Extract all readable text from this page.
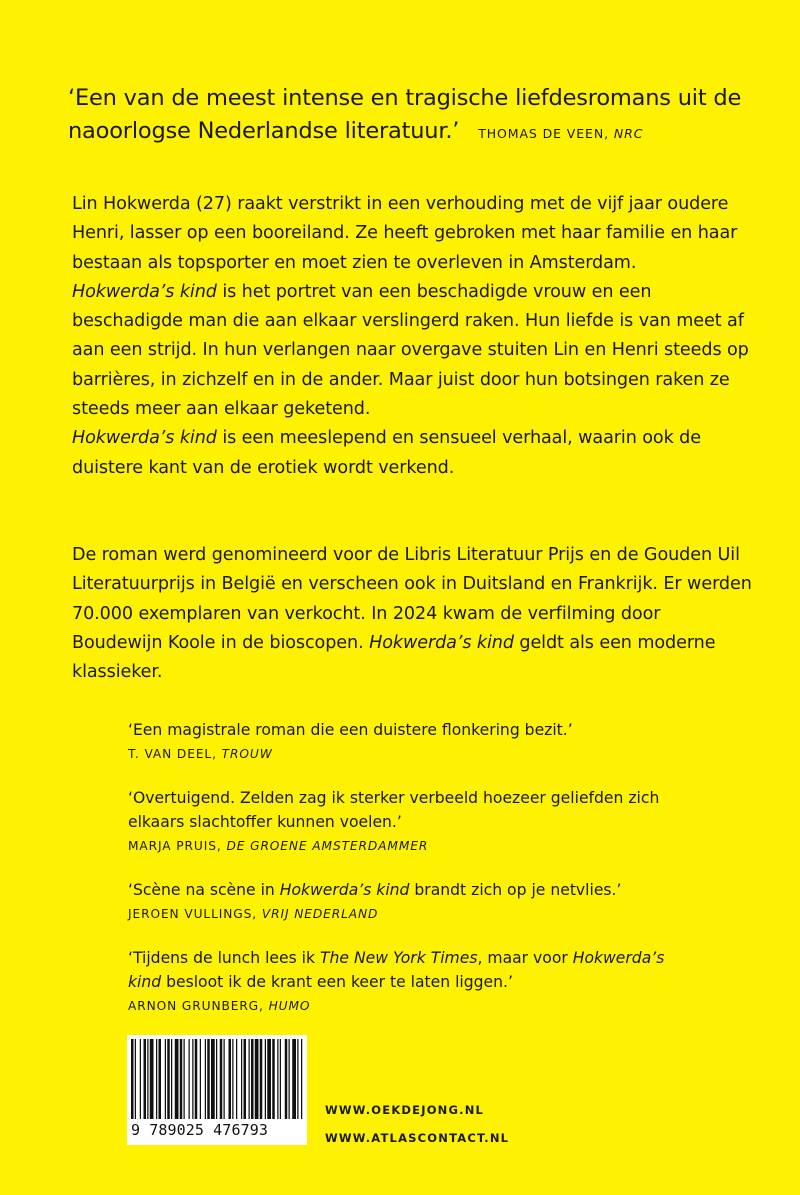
‘Een van de meest intense en tragische liefdesromans uit de naoorlogse Nederlandse literatuur.’ THOMAS DE VEEN, NRC

Lin Hokwerda (27) raakt verstrikt in een verhouding met de vijf jaar oudere Henri, lasser op een booreiland. Ze heeft gebroken met haar familie en haar bestaan als topsporter en moet zien te overleven in Amsterdam.

Hokwerda’s kind is het portret van een beschadigde vrouw en een beschadigde man die aan elkaar verslingerd raken. Hun liefde is van meet af aan een strijd. In hun verlangen naar overgave stuiten Lin en Henri steeds op barrières, in zichzelf en in de ander. Maar juist door hun botsingen raken ze steeds meer aan elkaar geketend.

Hokwerda’s kind is een meeslepend en sensueel verhaal, waarin ook de duistere kant van de erotiek wordt verkend.

De roman werd genomineerd voor de Libris Literatuur Prijs en de Gouden Uil Literatuurprijs in België en verscheen ook in Duitsland en Frankrijk. Er werden 70.000 exemplaren van verkocht. In 2024 kwam de verfilming door Boudewijn Koole in de bioscopen. Hokwerda’s kind geldt als een moderne klassieker.

‘Een magistrale roman die een duistere flonkering bezit.’
T. VAN DEEL, TROUW
‘Overtuigend. Zelden zag ik sterker verbeeld hoezeer geliefden zich elkaars slachtoffer kunnen voelen.’
MARJA PRUIS, DE GROENE AMSTERDAMMER
‘Scène na scène in Hokwerda’s kind brandt zich op je netvlies.’
JEROEN VULLINGS, VRIJ NEDERLAND
‘Tijdens de lunch lees ik The New York Times, maar voor Hokwerda’s kind besloot ik de krant een keer te laten liggen.’
ARNON GRUNBERG, HUMO
9 789025 476793
WWW.OEKDEJONG.NL
WWW.ATLASCONTACT.NL
